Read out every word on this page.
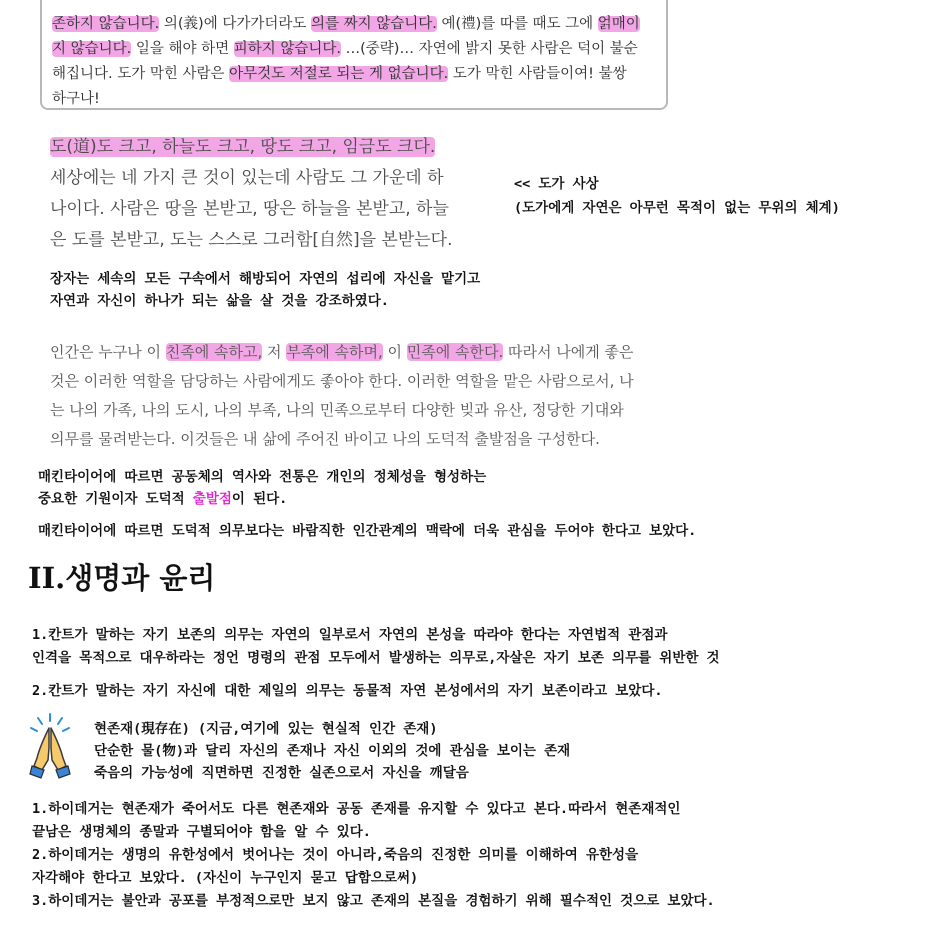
존하지 않습니다. 의(義)에 다가가더라도 의를 짜지 않습니다. 예(禮)를 따를 때도 그에 얽매이

지 않습니다. 일을 해야 하면 피하지 않습니다. …(중략)… 자연에 밝지 못한 사람은 덕이 불순

해집니다. 도가 막힌 사람은 아무것도 저절로 되는 게 없습니다. 도가 막힌 사람들이여! 불쌍

하구나!

도(道)도 크고, 하늘도 크고, 땅도 크고, 임금도 크다.

세상에는 네 가지 큰 것이 있는데 사람도 그 가운데 하

나이다. 사람은 땅을 본받고, 땅은 하늘을 본받고, 하늘

은 도를 본받고, 도는 스스로 그러함[自然]을 본받는다.

<< 도가 사상

(도가에게 자연은 아무런 목적이 없는 무위의 체계)

장자는 세속의 모든 구속에서 해방되어 자연의 섭리에 자신을 맡기고

자연과 자신이 하나가 되는 삶을 살 것을 강조하였다.

인간은 누구나 이 친족에 속하고, 저 부족에 속하며, 이 민족에 속한다. 따라서 나에게 좋은

것은 이러한 역할을 담당하는 사람에게도 좋아야 한다. 이러한 역할을 맡은 사람으로서, 나

는 나의 가족, 나의 도시, 나의 부족, 나의 민족으로부터 다양한 빚과 유산, 정당한 기대와

의무를 물려받는다. 이것들은 내 삶에 주어진 바이고 나의 도덕적 출발점을 구성한다.

매킨타이어에 따르면 공동체의 역사와 전통은 개인의 정체성을 형성하는

중요한 기원이자 도덕적 출발점이 된다.

매킨타이어에 따르면 도덕적 의무보다는 바람직한 인간관계의 맥락에 더욱 관심을 두어야 한다고 보았다.

II.생명과 윤리

1.칸트가 말하는 자기 보존의 의무는 자연의 일부로서 자연의 본성을 따라야 한다는 자연법적 관점과

인격을 목적으로 대우하라는 정언 명령의 관점 모두에서 발생하는 의무로,자살은 자기 보존 의무를 위반한 것

2.칸트가 말하는 자기 자신에 대한 제일의 의무는 동물적 자연 본성에서의 자기 보존이라고 보았다.

현존재(現存在) (지금,여기에 있는 현실적 인간 존재)

단순한 물(物)과 달리 자신의 존재나 자신 이외의 것에 관심을 보이는 존재

죽음의 가능성에 직면하면 진정한 실존으로서 자신을 깨달음

1.하이데거는 현존재가 죽어서도 다른 현존재와 공동 존재를 유지할 수 있다고 본다.따라서 현존재적인

끝남은 생명체의 종말과 구별되어야 함을 알 수 있다.

2.하이데거는 생명의 유한성에서 벗어나는 것이 아니라,죽음의 진정한 의미를 이해하여 유한성을

자각해야 한다고 보았다. (자신이 누구인지 묻고 답함으로써)

3.하이데거는 불안과 공포를 부정적으로만 보지 않고 존재의 본질을 경험하기 위해 필수적인 것으로 보았다.
